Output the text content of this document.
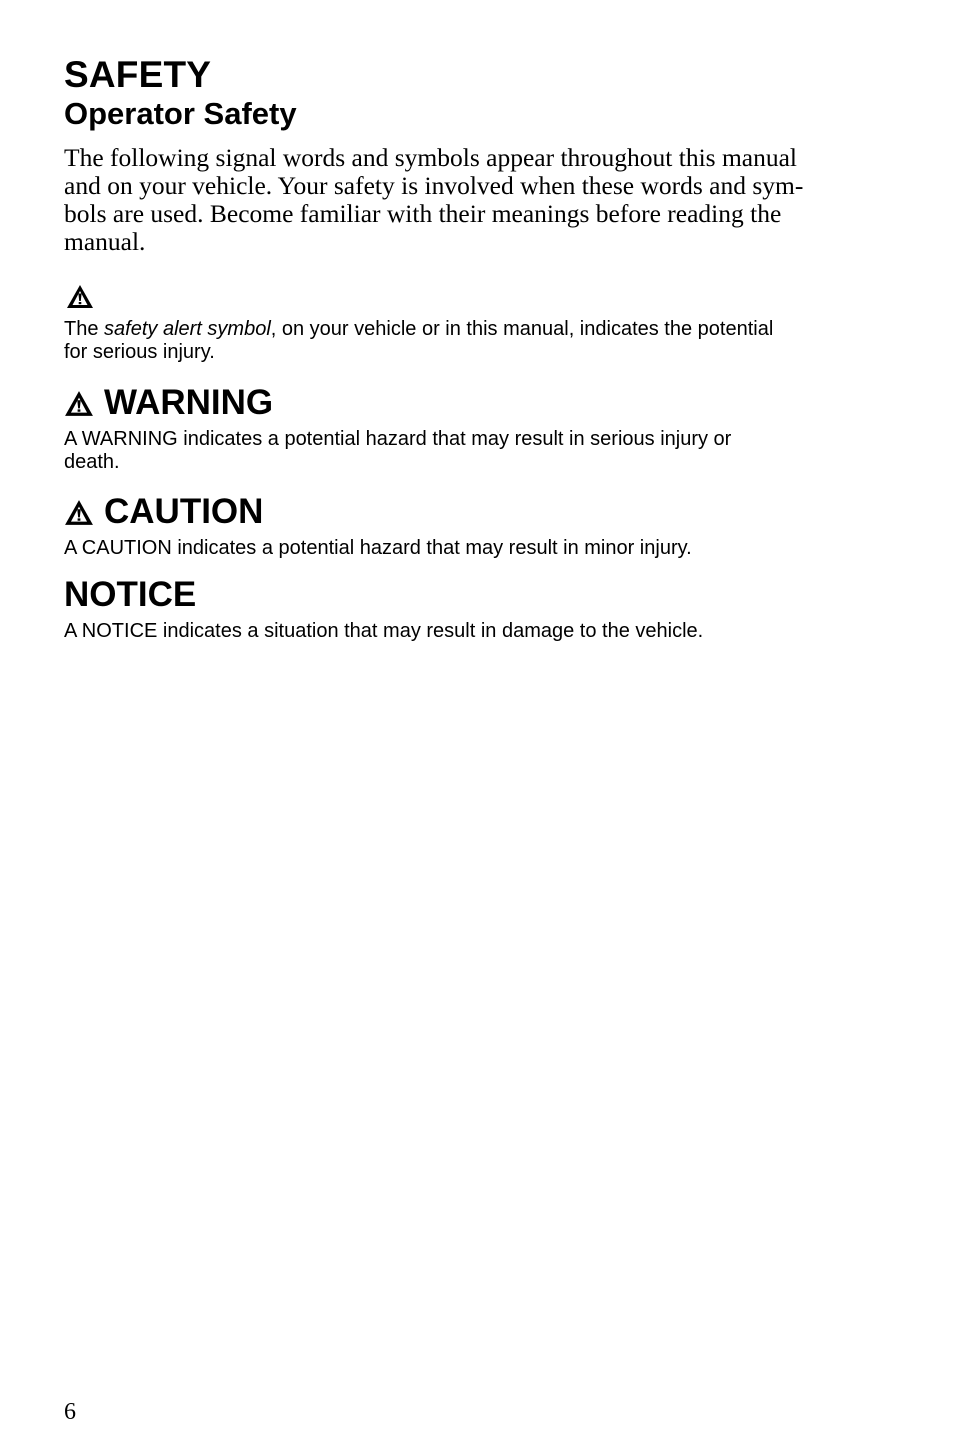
SAFETY
Operator Safety

The following signal words and symbols appear throughout this manual
and on your vehicle. Your safety is involved when these words and sym-
bols are used. Become familiar with their meanings before reading the
manual.

The safety alert symbol, on your vehicle or in this manual, indicates the potential
for serious injury.

WARNING

A WARNING indicates a potential hazard that may result in serious injury or
death.

CAUTION

A CAUTION indicates a potential hazard that may result in minor injury.

NOTICE

A NOTICE indicates a situation that may result in damage to the vehicle.

6
